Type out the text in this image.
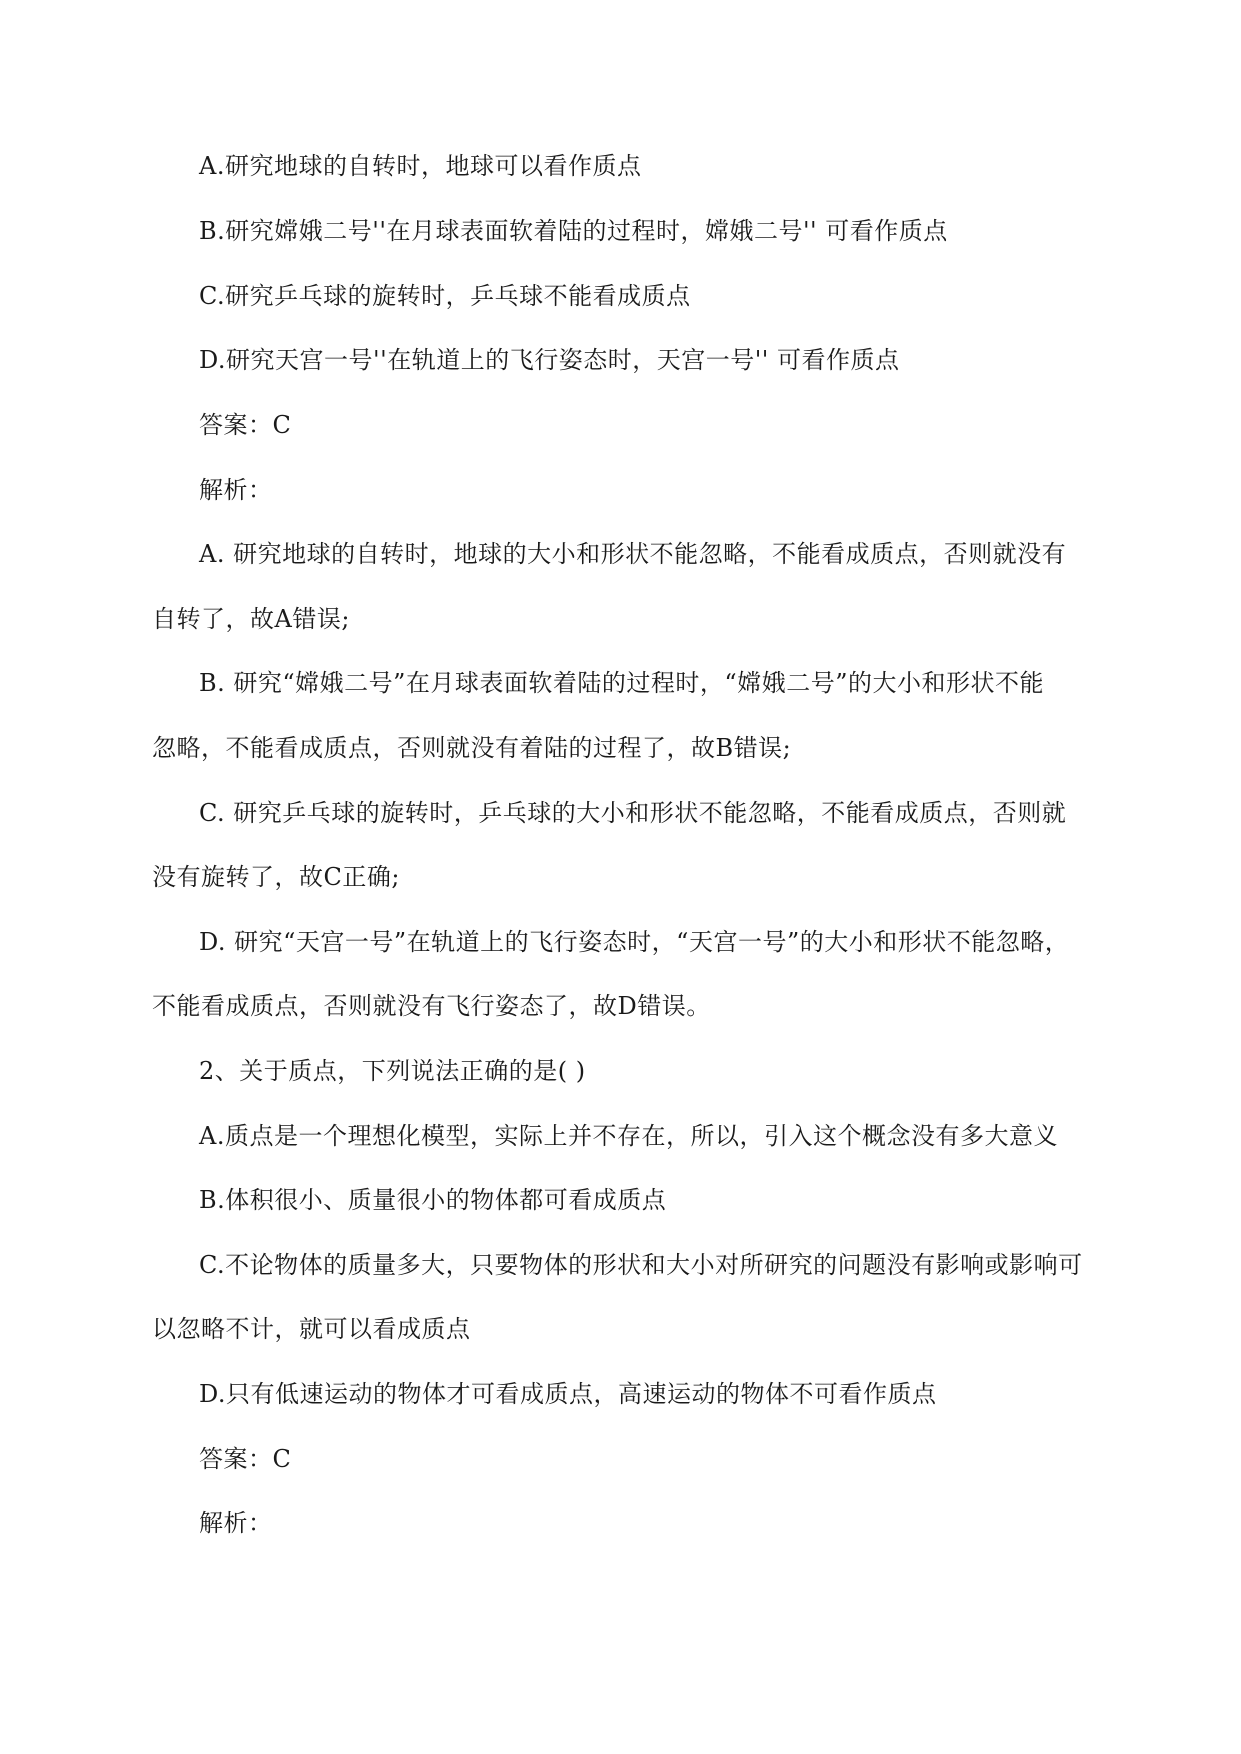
A.研究地球的自转时，地球可以看作质点
B.研究嫦娥二号''在月球表面软着陆的过程时，嫦娥二号'' 可看作质点
C.研究乒乓球的旋转时，乒乓球不能看成质点
D.研究天宫一号''在轨道上的飞行姿态时，天宫一号'' 可看作质点
答案：C
解析：
A. 研究地球的自转时，地球的大小和形状不能忽略，不能看成质点，否则就没有
自转了，故A错误;
B. 研究“嫦娥二号”在月球表面软着陆的过程时，“嫦娥二号”的大小和形状不能
忽略，不能看成质点，否则就没有着陆的过程了，故B错误;
C. 研究乒乓球的旋转时，乒乓球的大小和形状不能忽略，不能看成质点，否则就
没有旋转了，故C正确;
D. 研究“天宫一号”在轨道上的飞行姿态时，“天宫一号”的大小和形状不能忽略，
不能看成质点，否则就没有飞行姿态了，故D错误。
2、关于质点，下列说法正确的是( )
A.质点是一个理想化模型，实际上并不存在，所以，引入这个概念没有多大意义
B.体积很小、质量很小的物体都可看成质点
C.不论物体的质量多大，只要物体的形状和大小对所研究的问题没有影响或影响可
以忽略不计，就可以看成质点
D.只有低速运动的物体才可看成质点，高速运动的物体不可看作质点
答案：C
解析：
